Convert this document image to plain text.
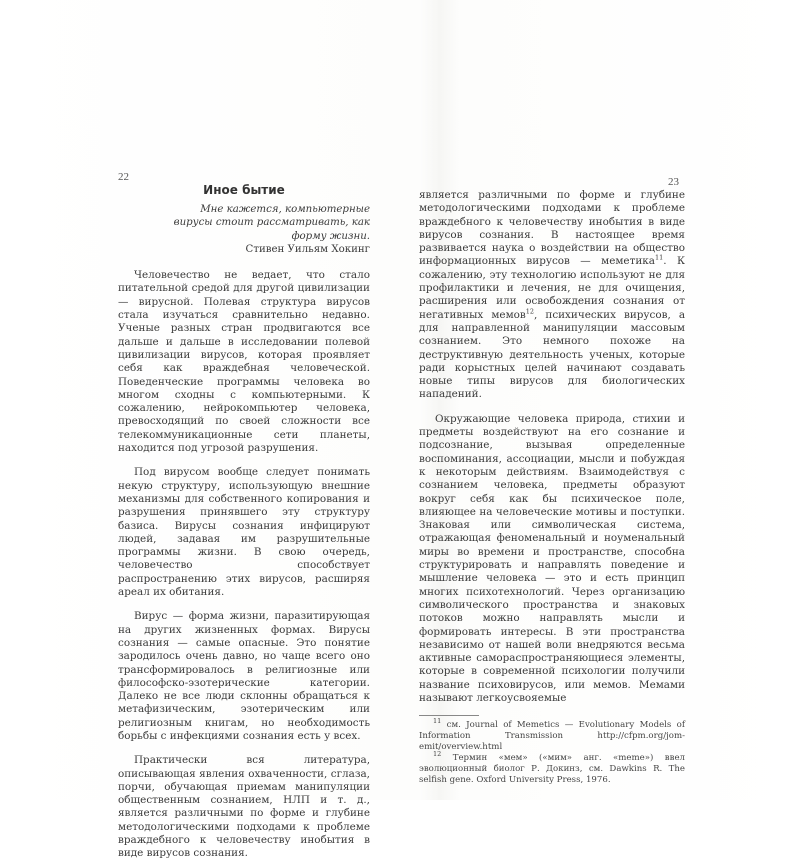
22
Иное бытие

Мне кажется, компьютерные вирусы стоит рассматривать, как форму жизни.

Стивен Уильям Хокинг

Человечество не ведает, что стало питательной средой для другой цивилизации — вирусной. Полевая структура вирусов стала изучаться сравнительно недавно. Ученые разных стран продвигаются все дальше и дальше в исследовании полевой цивилизации вирусов, которая проявляет себя как враждебная человеческой. Поведенческие программы человека во многом сходны с компьютерными. К сожалению, нейрокомпьютер человека, превосходящий по своей сложности все телекоммуникационные сети планеты, находится под угрозой разрушения.

Под вирусом вообще следует понимать некую структуру, использующую внешние механизмы для собственного копирования и разрушения принявшего эту структуру базиса. Вирусы сознания инфицируют людей, задавая им разрушительные программы жизни. В свою очередь, человечество способствует распространению этих вирусов, расширяя ареал их обитания.

Вирус — форма жизни, паразитирующая на других жизненных формах. Вирусы сознания — самые опасные. Это понятие зародилось очень давно, но чаще всего оно трансформировалось в религиозные или философско-эзотерические категории. Далеко не все люди склонны обращаться к метафизическим, эзотерическим или религиозным книгам, но необходимость борьбы с инфекциями сознания есть у всех.

Практически вся литература, описывающая явления охваченности, сглаза, порчи, обучающая приемам манипуляции общественным сознанием, НЛП и т. д., является различными по форме и глубине методологическими подходами к проблеме враждебного к человечеству инобытия в виде вирусов сознания.

23

является различными по форме и глубине методологическими подходами к проблеме враждебного к человечеству инобытия в виде вирусов сознания. В настоящее время развивается наука о воздействии на общество информационных вирусов — меметика$^{11}$. К сожалению, эту технологию используют не для профилактики и лечения, не для очищения, расширения или освобождения сознания от негативных мемов$^{12}$, психических вирусов, а для направленной манипуляции массовым сознанием. Это немного похоже на деструктивную деятельность ученых, которые ради корыстных целей начинают создавать новые типы вирусов для биологических нападений.

Окружающие человека природа, стихии и предметы воздействуют на его сознание и подсознание, вызывая определенные воспоминания, ассоциации, мысли и побуждая к некоторым действиям. Взаимодействуя с сознанием человека, предметы образуют вокруг себя как бы психическое поле, влияющее на человеческие мотивы и поступки. Знаковая или символическая система, отражающая феноменальный и ноуменальный миры во времени и пространстве, способна структурировать и направлять поведение и мышление человека — это и есть принцип многих психотехнологий. Через организацию символического пространства и знаковых потоков можно направлять мысли и формировать интересы. В эти пространства независимо от нашей воли внедряются весьма активные самораспространяющиеся элементы, которые в современной психологии получили название психовирусов, или мемов. Мемами называют легкоусвояемые

$^{11}$ см. Journal of Memetics — Evolutionary Models of Information Transmission http://cfpm.org/jom-emit/overview.html

$^{12}$ Термин «мем» («мим» анг. «meme») ввел эволюционный биолог Р. Докинз, см. Dawkins R. The selfish gene. Oxford University Press, 1976.
